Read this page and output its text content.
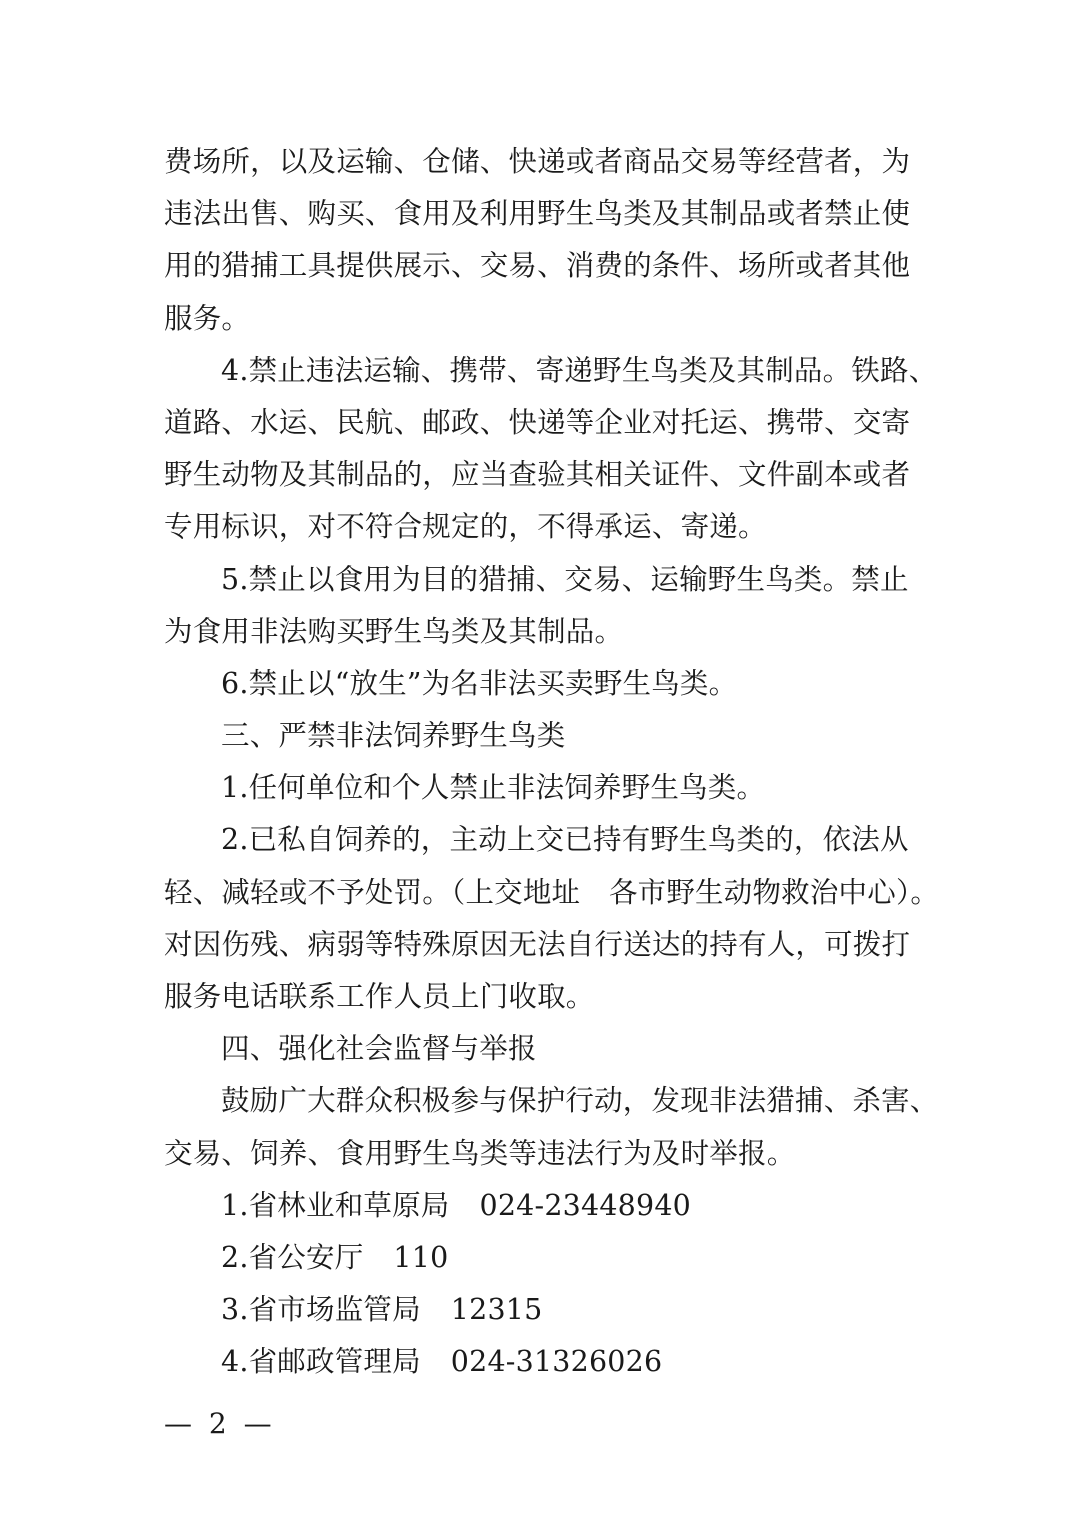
费场所，以及运输、仓储、快递或者商品交易等经营者，为
违法出售、购买、食用及利用野生鸟类及其制品或者禁止使
用的猎捕工具提供展示、交易、消费的条件、场所或者其他
服务。
4.禁止违法运输、携带、寄递野生鸟类及其制品。铁路、
道路、水运、民航、邮政、快递等企业对托运、携带、交寄
野生动物及其制品的，应当查验其相关证件、文件副本或者
专用标识，对不符合规定的，不得承运、寄递。
5.禁止以食用为目的猎捕、交易、运输野生鸟类。禁止
为食用非法购买野生鸟类及其制品。
6.禁止以“放生”为名非法买卖野生鸟类。
三、严禁非法饲养野生鸟类
1.任何单位和个人禁止非法饲养野生鸟类。
2.已私自饲养的，主动上交已持有野生鸟类的，依法从
轻、减轻或不予处罚。（上交地址　各市野生动物救治中心）。
对因伤残、病弱等特殊原因无法自行送达的持有人，可拨打
服务电话联系工作人员上门收取。
四、强化社会监督与举报
鼓励广大群众积极参与保护行动，发现非法猎捕、杀害、
交易、饲养、食用野生鸟类等违法行为及时举报。
1.省林业和草原局 024-23448940
2.省公安厅 110
3.省市场监管局 12315
4.省邮政管理局 024-31326026
— 2 —
